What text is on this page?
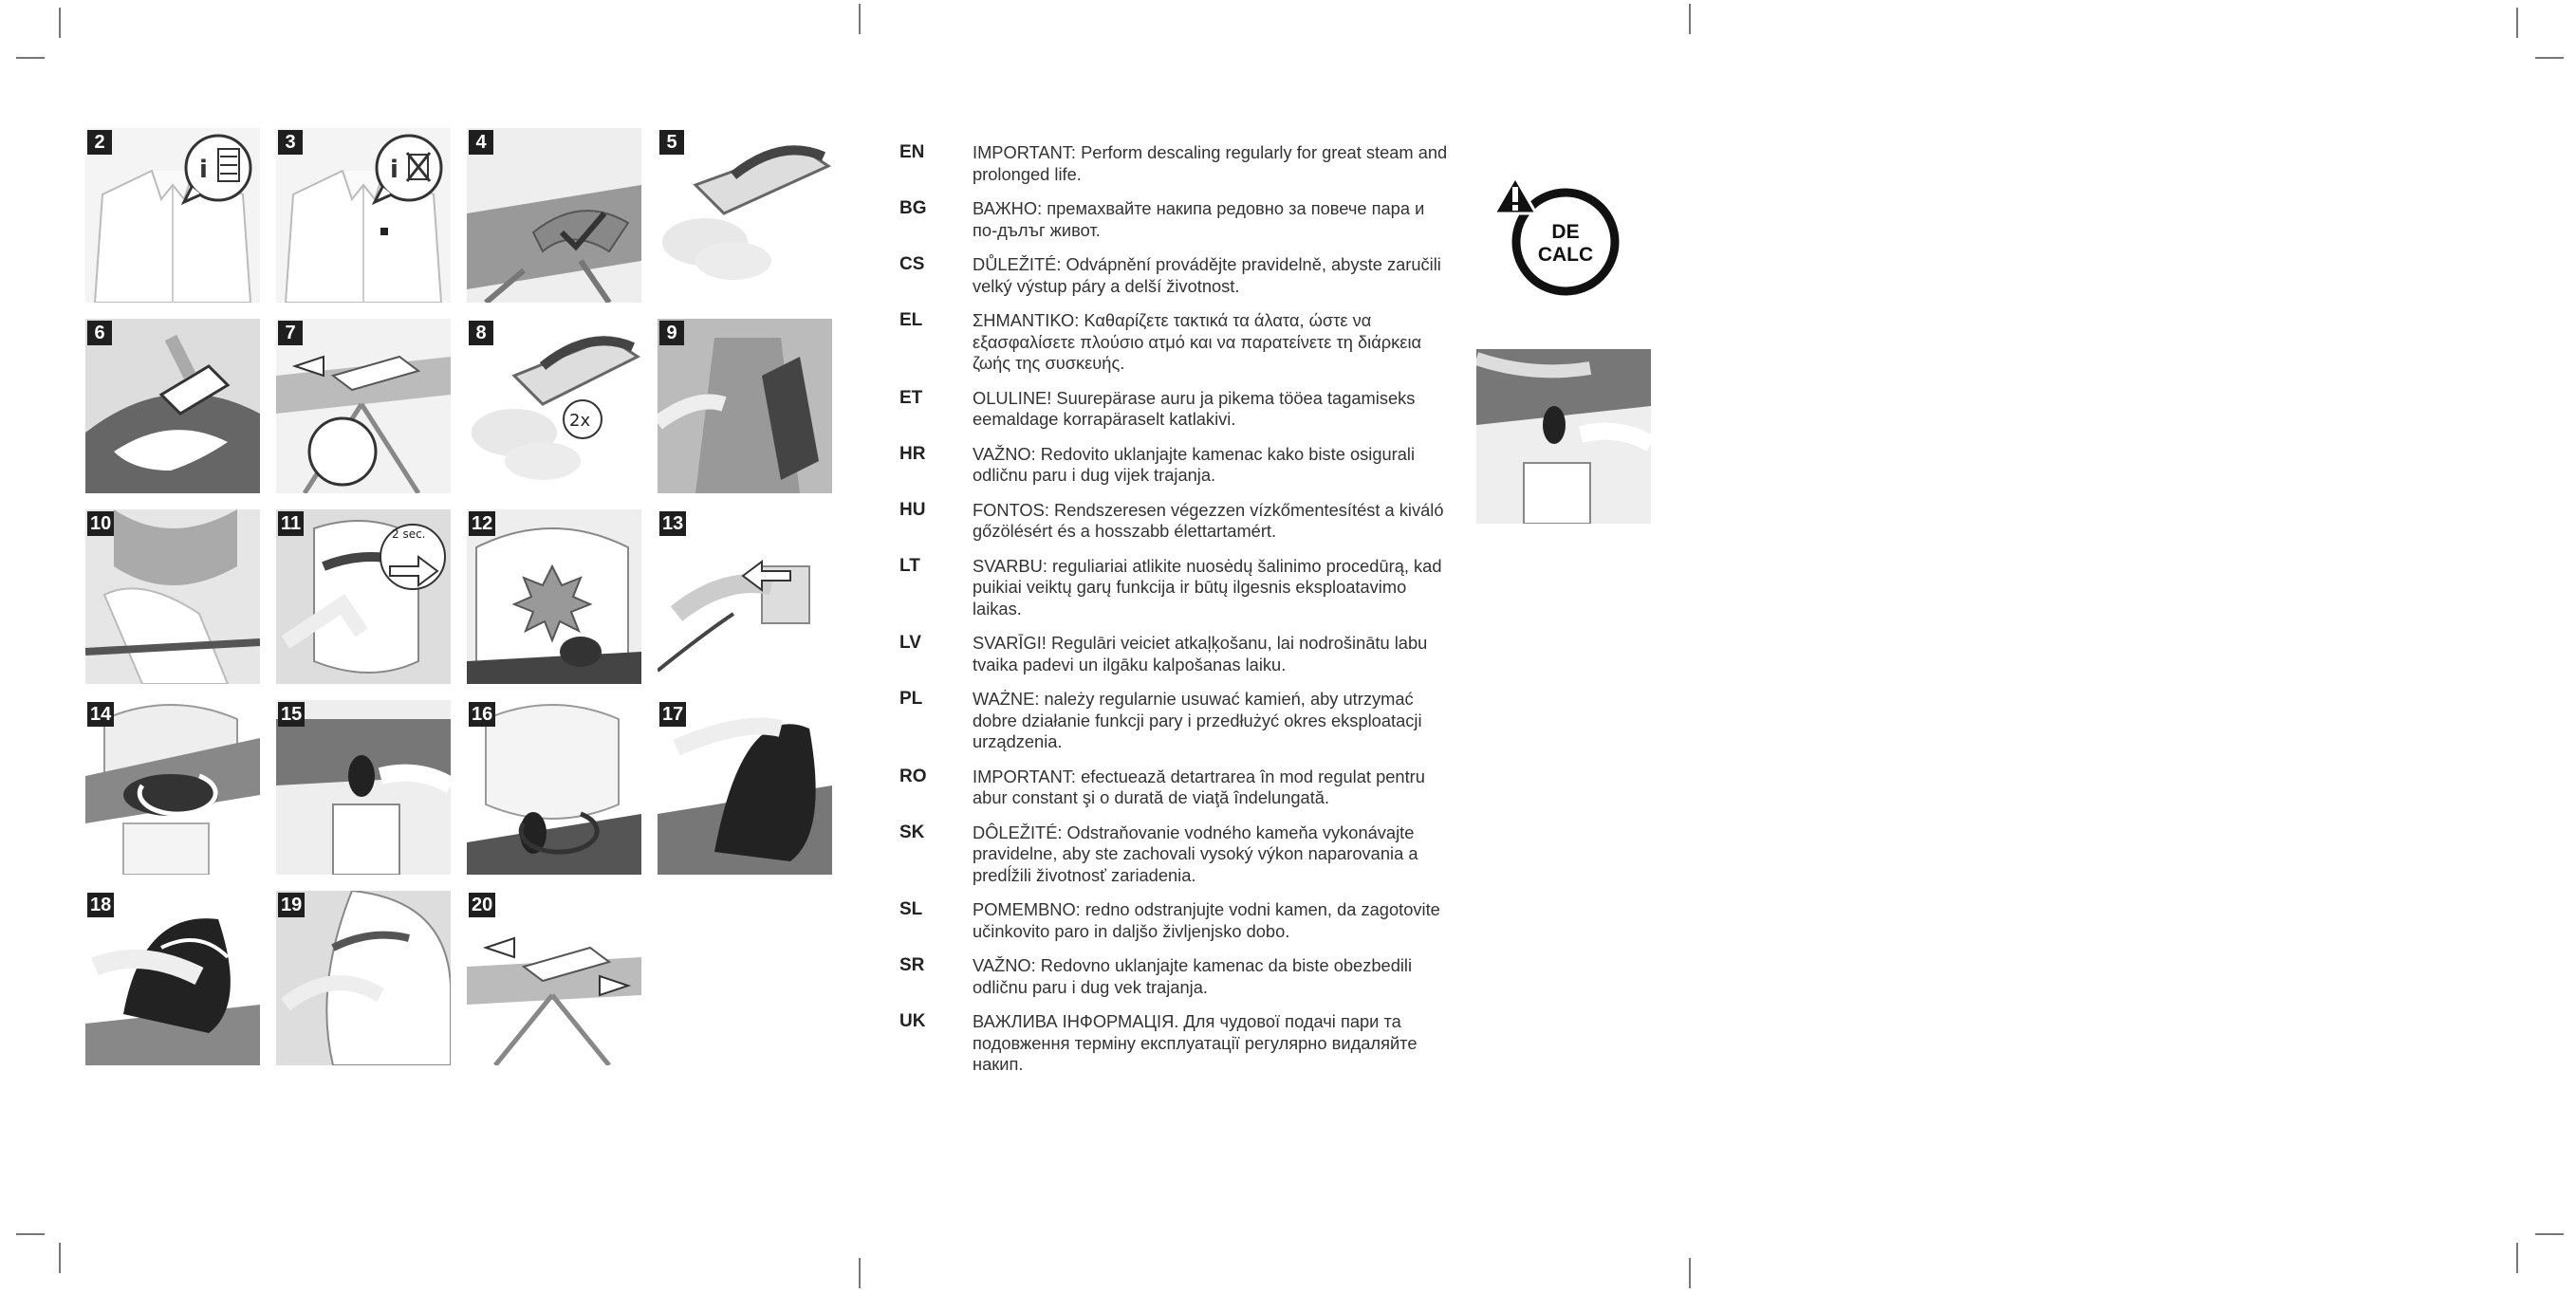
2
i
3
i
4	5
6	7	8
2x
9
10	11	2 sec. 12	13
14	15	16	17
18	19	20
EN	IMPORTANT: Perform descaling regularly for great steam and prolonged life.
BG	ВАЖНО: премахвайте накипа редовно за повече пара и по-дълъг живот.
CS	DŮLEŽITÉ: Odvápnění provádějte pravidelně, abyste zaručili velký výstup páry a delší životnost.
EL	ΣΗΜΑΝΤΙΚΟ: Καθαρίζετε τακτικά τα άλατα, ώστε να εξασφαλίσετε πλούσιο ατμό και να παρατείνετε τη διάρκεια ζωής της συσκευής.
ET	OLULINE! Suurepärase auru ja pikema tööea tagamiseks eemaldage korrapäraselt katlakivi.
HR	VAŽNO: Redovito uklanjajte kamenac kako biste osigurali odličnu paru i dug vijek trajanja.
HU	FONTOS: Rendszeresen végezzen vízkőmentesítést a kiváló gőzölésért és a hosszabb élettartamért.
LT	SVARBU: reguliariai atlikite nuosėdų šalinimo procedūrą, kad puikiai veiktų garų funkcija ir būtų ilgesnis eksploatavimo laikas.
LV	SVARĪGI! Regulāri veiciet atkaļķošanu, lai nodrošinātu labu tvaika padevi un ilgāku kalpošanas laiku.
PL	WAŻNE: należy regularnie usuwać kamień, aby utrzymać dobre działanie funkcji pary i przedłużyć okres eksploatacji urządzenia.
RO	IMPORTANT: efectuează detartrarea în mod regulat pentru abur constant şi o durată de viaţă îndelungată.
SK	DÔLEŽITÉ: Odstraňovanie vodného kameňa vykonávajte pravidelne, aby ste zachovali vysoký výkon naparovania a predĺžili životnosť zariadenia.
SL	POMEMBNO: redno odstranjujte vodni kamen, da zagotovite učinkovito paro in daljšo življenjsko dobo.
SR	VAŽNO: Redovno uklanjajte kamenac da biste obezbedili odličnu paru i dug vek trajanja.
UK	ВАЖЛИВА ІНФОРМАЦІЯ. Для чудової подачі пари та подовження терміну експлуатації регулярно видаляйте накип.
DE
CALC
